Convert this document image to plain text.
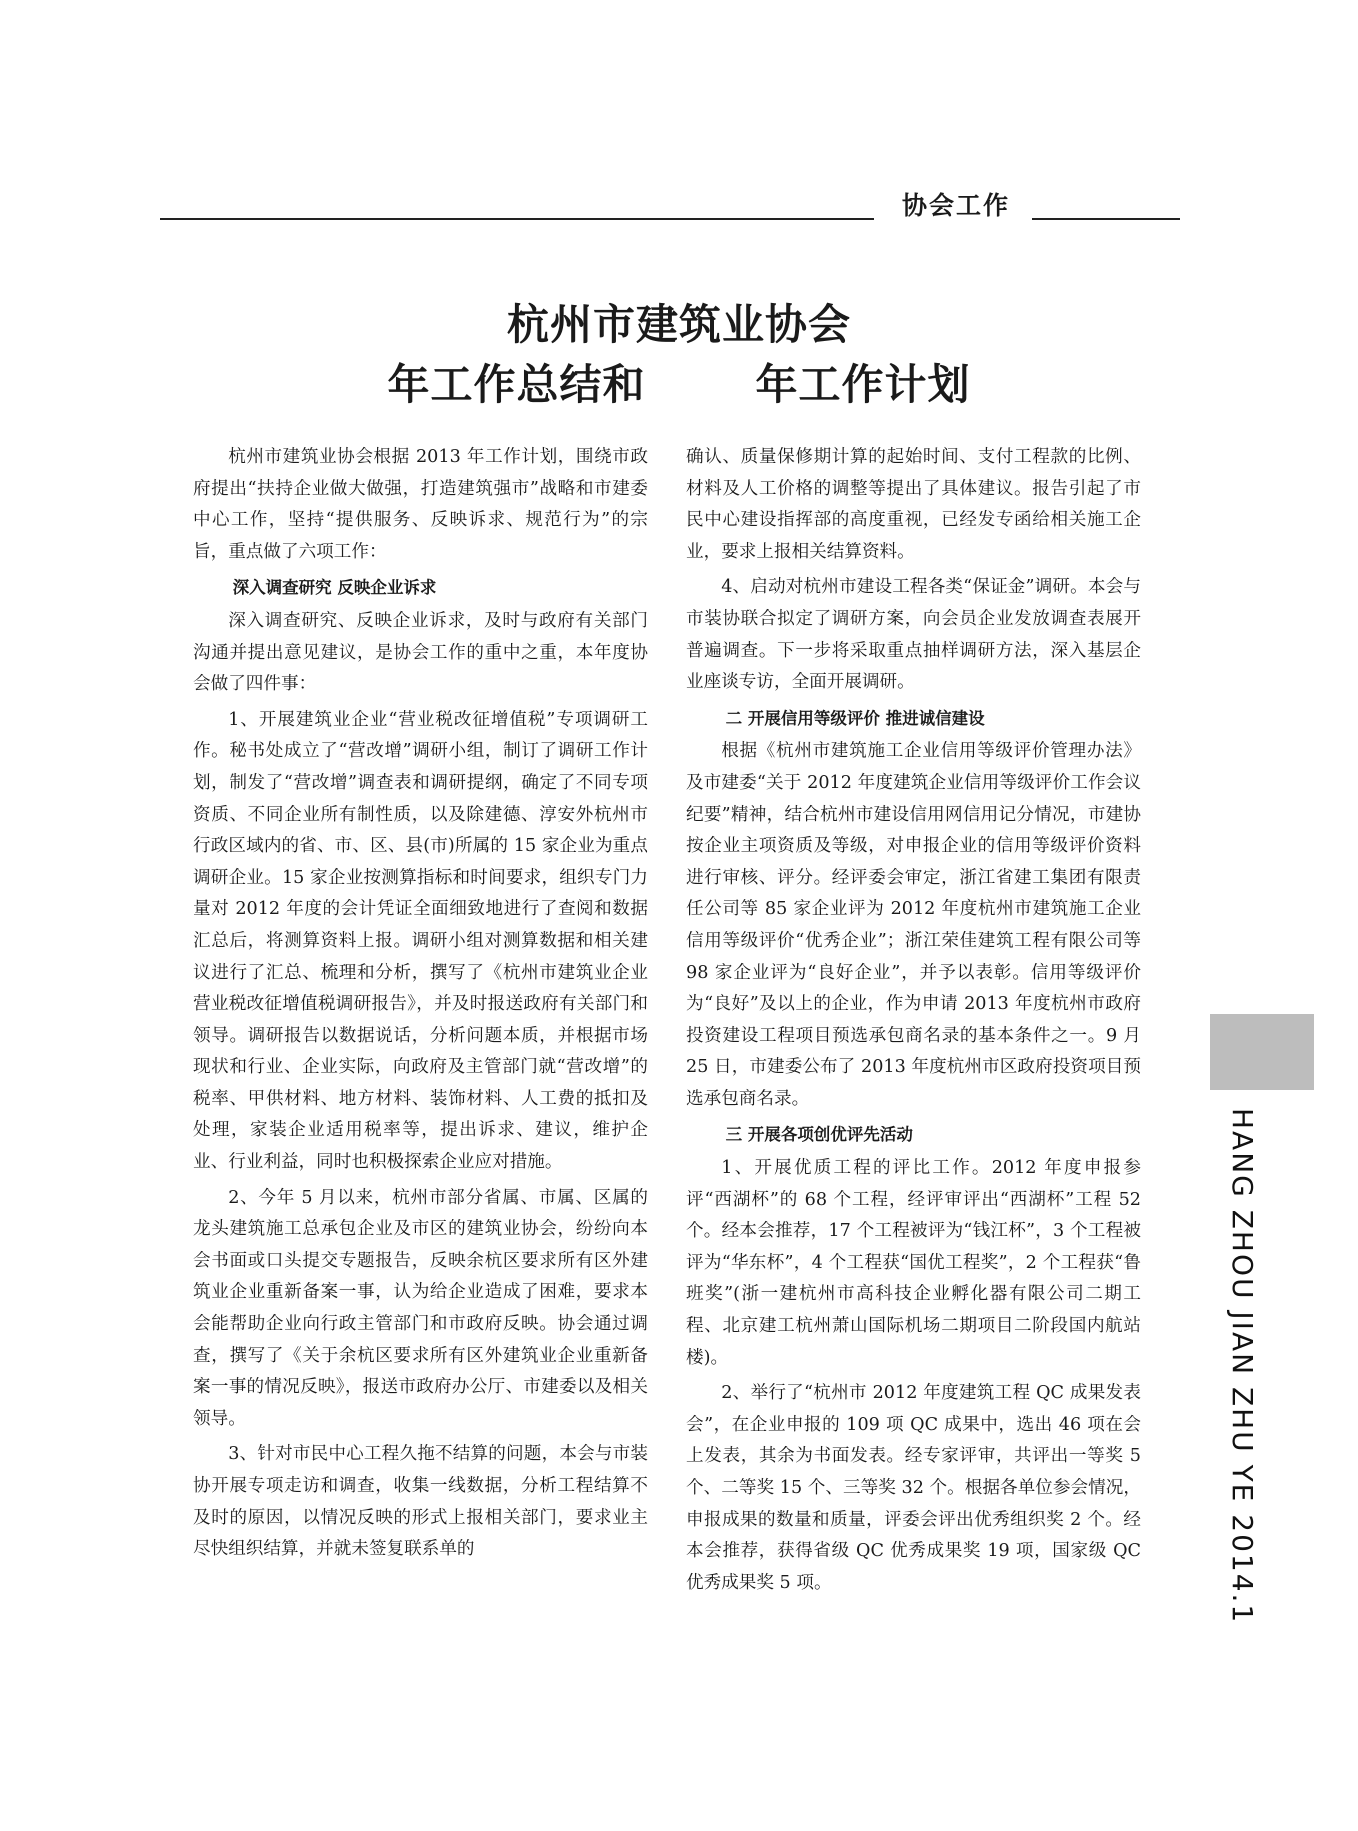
协会工作
杭州市建筑业协会
年工作总结和	年工作计划

杭州市建筑业协会根据 2013 年工作计划，围绕市政府提出“扶持企业做大做强，打造建筑强市”战略和市建委中心工作，坚持“提供服务、反映诉求、规范行为”的宗旨，重点做了六项工作：

深入调查研究 反映企业诉求

深入调查研究、反映企业诉求，及时与政府有关部门沟通并提出意见建议，是协会工作的重中之重，本年度协会做了四件事：

1、开展建筑业企业“营业税改征增值税”专项调研工作。秘书处成立了“营改增”调研小组，制订了调研工作计划，制发了“营改增”调查表和调研提纲，确定了不同专项资质、不同企业所有制性质，以及除建德、淳安外杭州市行政区域内的省、市、区、县(市)所属的 15 家企业为重点调研企业。15 家企业按测算指标和时间要求，组织专门力量对 2012 年度的会计凭证全面细致地进行了查阅和数据汇总后，将测算资料上报。调研小组对测算数据和相关建议进行了汇总、梳理和分析，撰写了《杭州市建筑业企业营业税改征增值税调研报告》，并及时报送政府有关部门和领导。调研报告以数据说话，分析问题本质，并根据市场现状和行业、企业实际，向政府及主管部门就“营改增”的税率、甲供材料、地方材料、装饰材料、人工费的抵扣及处理，家装企业适用税率等，提出诉求、建议，维护企业、行业利益，同时也积极探索企业应对措施。

2、今年 5 月以来，杭州市部分省属、市属、区属的龙头建筑施工总承包企业及市区的建筑业协会，纷纷向本会书面或口头提交专题报告，反映余杭区要求所有区外建筑业企业重新备案一事，认为给企业造成了困难，要求本会能帮助企业向行政主管部门和市政府反映。协会通过调查，撰写了《关于余杭区要求所有区外建筑业企业重新备案一事的情况反映》，报送市政府办公厅、市建委以及相关领导。

3、针对市民中心工程久拖不结算的问题，本会与市装协开展专项走访和调查，收集一线数据，分析工程结算不及时的原因，以情况反映的形式上报相关部门，要求业主尽快组织结算，并就未签复联系单的

确认、质量保修期计算的起始时间、支付工程款的比例、材料及人工价格的调整等提出了具体建议。报告引起了市民中心建设指挥部的高度重视，已经发专函给相关施工企业，要求上报相关结算资料。

4、启动对杭州市建设工程各类“保证金”调研。本会与市装协联合拟定了调研方案，向会员企业发放调查表展开普遍调查。下一步将采取重点抽样调研方法，深入基层企业座谈专访，全面开展调研。

二 开展信用等级评价 推进诚信建设

根据《杭州市建筑施工企业信用等级评价管理办法》及市建委“关于 2012 年度建筑企业信用等级评价工作会议纪要”精神，结合杭州市建设信用网信用记分情况，市建协按企业主项资质及等级，对申报企业的信用等级评价资料进行审核、评分。经评委会审定，浙江省建工集团有限责任公司等 85 家企业评为 2012 年度杭州市建筑施工企业信用等级评价“优秀企业”；浙江荣佳建筑工程有限公司等 98 家企业评为“良好企业”，并予以表彰。信用等级评价为“良好”及以上的企业，作为申请 2013 年度杭州市政府投资建设工程项目预选承包商名录的基本条件之一。9 月 25 日，市建委公布了 2013 年度杭州市区政府投资项目预选承包商名录。

三 开展各项创优评先活动

1、开展优质工程的评比工作。2012 年度申报参评“西湖杯”的 68 个工程，经评审评出“西湖杯”工程 52 个。经本会推荐，17 个工程被评为“钱江杯”，3 个工程被评为“华东杯”，4 个工程获“国优工程奖”，2 个工程获“鲁班奖”(浙一建杭州市高科技企业孵化器有限公司二期工程、北京建工杭州萧山国际机场二期项目二阶段国内航站楼)。

2、举行了“杭州市 2012 年度建筑工程 QC 成果发表会”，在企业申报的 109 项 QC 成果中，选出 46 项在会上发表，其余为书面发表。经专家评审，共评出一等奖 5 个、二等奖 15 个、三等奖 32 个。根据各单位参会情况，申报成果的数量和质量，评委会评出优秀组织奖 2 个。经本会推荐，获得省级 QC 优秀成果奖 19 项，国家级 QC 优秀成果奖 5 项。	HANG ZHOU JIAN ZHU YE 2014.1
